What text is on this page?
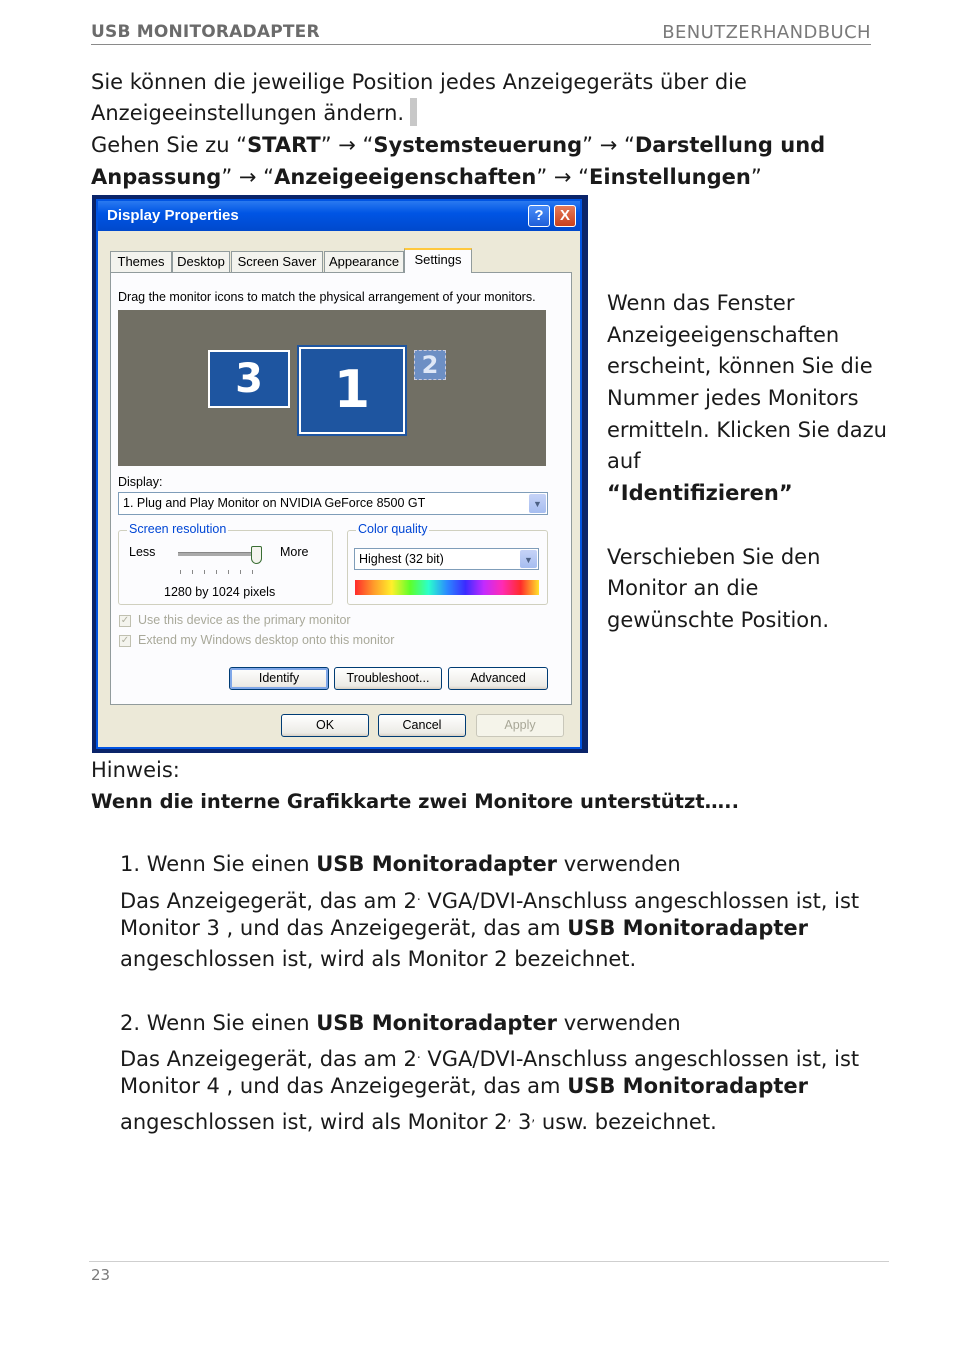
USB MONITORADAPTER	BENUTZERHANDBUCH
Sie können die jeweilige Position jedes Anzeigegeräts über die
Anzeigeeinstellungen ändern.
Gehen Sie zu “START” → “Systemsteuerung” → “Darstellung und
Anpassung” → “Anzeigeeigenschaften” → “Einstellungen”
Display Properties	?	X
Themes Desktop Screen Saver Appearance	Settings
Drag the monitor icons to match the physical arrangement of your monitors.
3	1	2
Display:
1. Plug and Play Monitor on NVIDIA GeForce 8500 GT	▼
Screen resolution
Less	More
1280 by 1024 pixels
Color quality
Highest (32 bit)	▼
✓ Use this device as the primary monitor
✓ Extend my Windows desktop onto this monitor
Identify	Troubleshoot...	Advanced
OK	Cancel	Apply
Wenn das Fenster
Anzeigeeigenschaften
erscheint, können Sie die
Nummer jedes Monitors
ermitteln. Klicken Sie dazu
auf
“Identifizieren”
Verschieben Sie den
Monitor an die
gewünschte Position.
Hinweis:
Wenn die interne Grafikkarte zwei Monitore unterstützt…..
1. Wenn Sie einen USB Monitoradapter verwenden
Das Anzeigegerät, das am 2. VGA/DVI-Anschluss angeschlossen ist, ist
Monitor 3 , und das Anzeigegerät, das am USB Monitoradapter
angeschlossen ist, wird als Monitor 2 bezeichnet.
2. Wenn Sie einen USB Monitoradapter verwenden
Das Anzeigegerät, das am 2. VGA/DVI-Anschluss angeschlossen ist, ist
Monitor 4 , und das Anzeigegerät, das am USB Monitoradapter
angeschlossen ist, wird als Monitor 2, 3, usw. bezeichnet.
23
